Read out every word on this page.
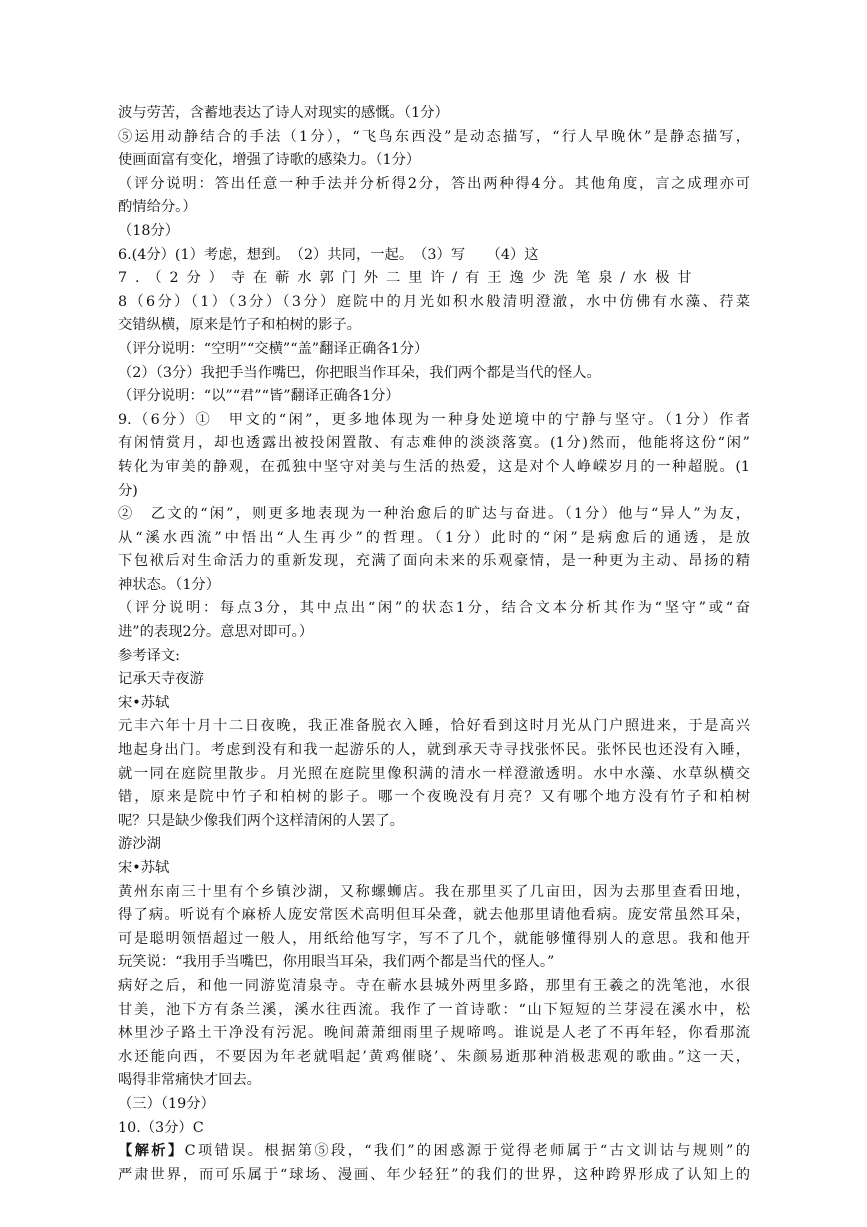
波与劳苦，含蓄地表达了诗人对现实的感慨。（1分）
⑤运用动静结合的手法（1分），“飞鸟东西没”是动态描写，“行人早晚休”是静态描写，
使画面富有变化，增强了诗歌的感染力。（1分）
（评分说明：答出任意一种手法并分析得2分，答出两种得4分。其他角度，言之成理亦可
酌情给分。）
（18分）
6.(4分）(1）考虑，想到。　（2）共同，一起。　（3）写　　（4）这
7.（2分）寺在蕲水郭门外二里许/有王逸少洗笔泉/水极甘
8（6分）（1）（3分）（3分）庭院中的月光如积水般清明澄澈，水中仿佛有水藻、荇菜
交错纵横，原来是竹子和柏树的影子。
（评分说明：“空明”“交横”“盖”翻译正确各1分）
（2）（3分）我把手当作嘴巴，你把眼当作耳朵，我们两个都是当代的怪人。
（评分说明：“以”“君”“皆”翻译正确各1分）
9.（6分）①　甲文的“闲”，更多地体现为一种身处逆境中的宁静与坚守。（1分）作者
有闲情赏月，却也透露出被投闲置散、有志难伸的淡淡落寞。(1分)然而，他能将这份“闲”
转化为审美的静观，在孤独中坚守对美与生活的热爱，这是对个人峥嵘岁月的一种超脱。(1
分)
②　乙文的“闲”，则更多地表现为一种治愈后的旷达与奋进。（1分）他与“异人”为友，
从“溪水西流”中悟出“人生再少”的哲理。（1分）此时的“闲”是病愈后的通透，是放
下包袱后对生命活力的重新发现，充满了面向未来的乐观豪情，是一种更为主动、昂扬的精
神状态。（1分）
（评分说明：每点3分，其中点出“闲”的状态1分，结合文本分析其作为“坚守”或“奋
进”的表现2分。意思对即可。）
参考译文:
记承天寺夜游
宋•苏轼
元丰六年十月十二日夜晚，我正准备脱衣入睡，恰好看到这时月光从门户照进来，于是高兴
地起身出门。考虑到没有和我一起游乐的人，就到承天寺寻找张怀民。张怀民也还没有入睡，
就一同在庭院里散步。月光照在庭院里像积满的清水一样澄澈透明。水中水藻、水草纵横交
错，原来是院中竹子和柏树的影子。哪一个夜晚没有月亮？又有哪个地方没有竹子和柏树
呢？只是缺少像我们两个这样清闲的人罢了。
游沙湖
宋•苏轼
黄州东南三十里有个乡镇沙湖，又称螺蛳店。我在那里买了几亩田，因为去那里查看田地，
得了病。听说有个麻桥人庞安常医术高明但耳朵聋，就去他那里请他看病。庞安常虽然耳朵，
可是聪明领悟超过一般人，用纸给他写字，写不了几个，就能够懂得别人的意思。我和他开
玩笑说：“我用手当嘴巴，你用眼当耳朵，我们两个都是当代的怪人。”
病好之后，和他一同游览清泉寺。寺在蕲水县城外两里多路，那里有王羲之的洗笔池，水很
甘美，池下方有条兰溪，溪水往西流。我作了一首诗歌：“山下短短的兰芽浸在溪水中，松
林里沙子路土干净没有污泥。晚间萧萧细雨里子规啼鸣。谁说是人老了不再年轻，你看那流
水还能向西，不要因为年老就唱起’黄鸡催晓’、朱颜易逝那种消极悲观的歌曲。”这一天，
喝得非常痛快才回去。
（三）（19分）
10.（3分）C
【解析】C项错误。根据第⑤段，“我们”的困惑源于觉得老师属于“古文训诂与规则”的
严肃世界，而可乐属于“球场、漫画、年少轻狂”的我们的世界，这种跨界形成了认知上的
